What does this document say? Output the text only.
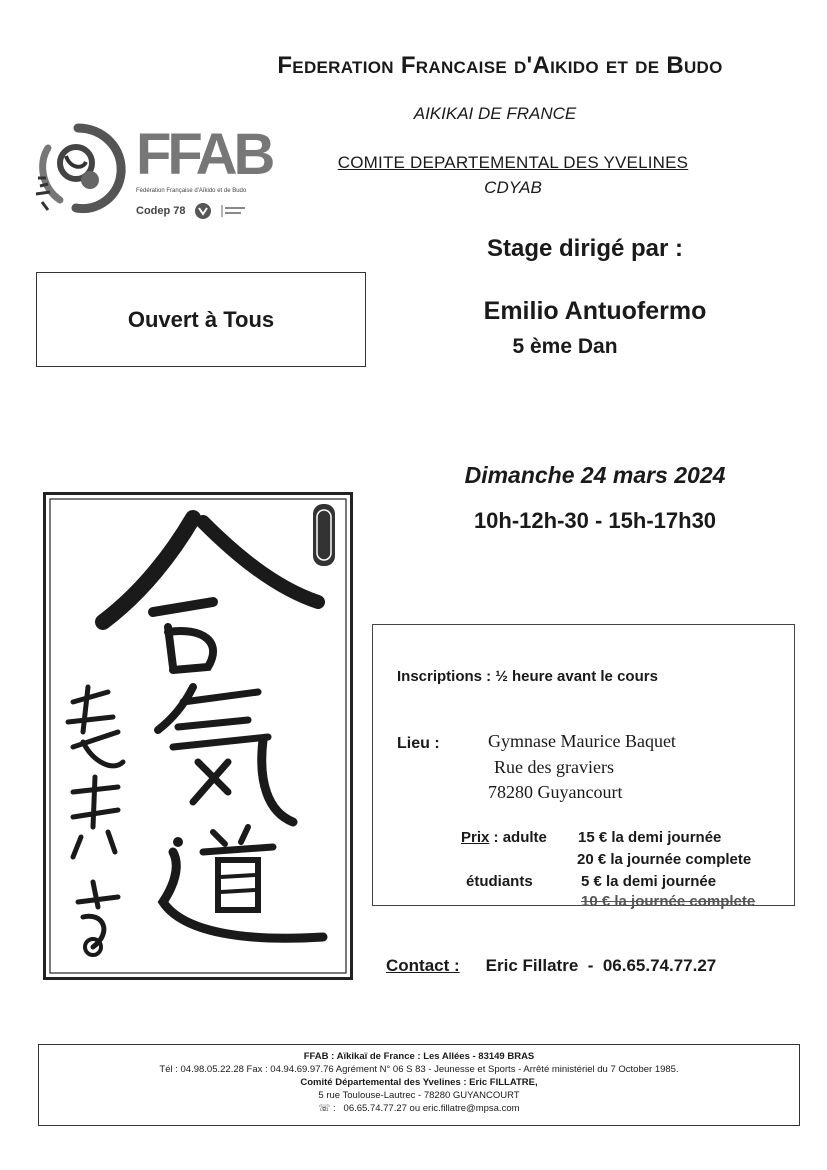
Federation Francaise d'Aikido et de Budo
AIKIKAI DE FRANCE
COMITE DEPARTEMENTAL DES YVELINES
CDYAB
FFAB
Fédération Française d'Aïkido et de Budo
Codep 78
Stage dirigé par :
Ouvert à Tous	Emilio Antuofermo
5 ème Dan
Dimanche 24 mars 2024
10h-12h-30 - 15h-17h30
Inscriptions : ½ heure avant le cours
Lieu :	Gymnase Maurice Baquet
Rue des graviers
78280 Guyancourt
Prix : adulte 15 € la demi journée
20 € la journée complete
étudiants	5 € la demi journée
10 € la journée complete
Contact : Eric Fillatre  -  06.65.74.77.27
FFAB : Aïkikaï de France : Les Allées - 83149 BRAS
Tél : 04.98.05.22.28 Fax : 04.94.69.97.76 Agrément N° 06 S 83 - Jeunesse et Sports - Arrêté ministériel du 7 October 1985.
Comité Départemental des Yvelines : Eric FILLATRE,
5 rue Toulouse-Lautrec - 78280 GUYANCOURT
☏ :   06.65.74.77.27 ou eric.fillatre@mpsa.com
